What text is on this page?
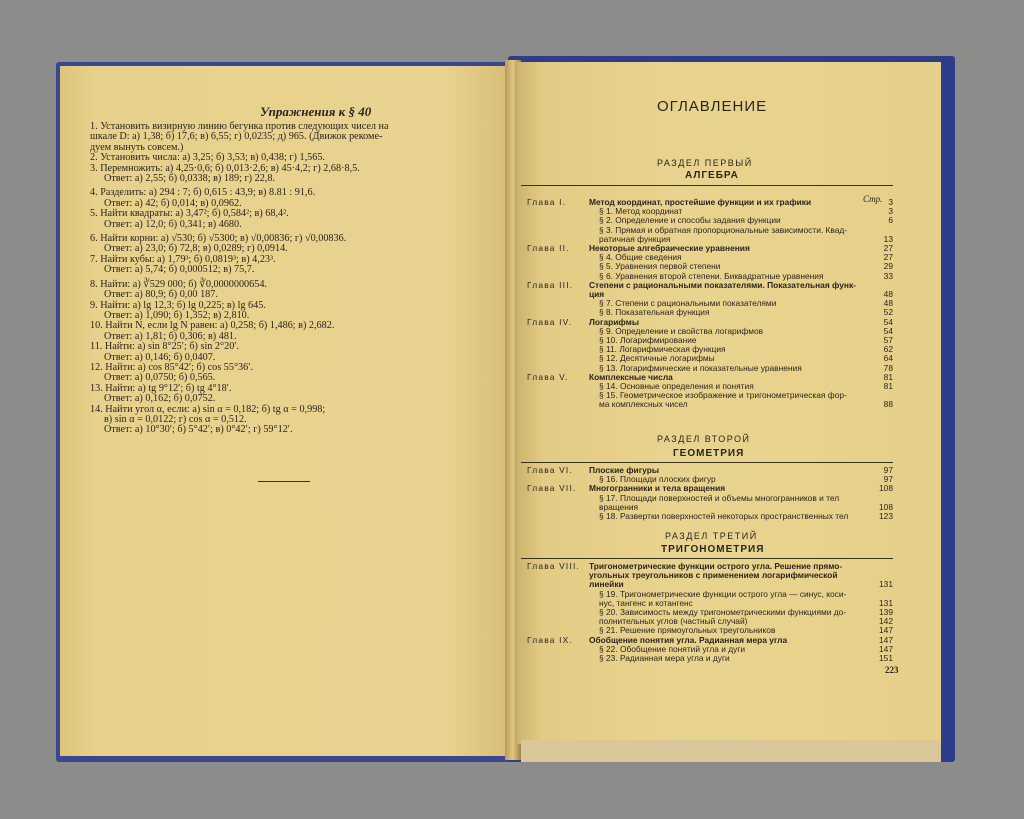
Упражнения к § 40
1. Установить визирную линию бегунка против следующих чисел на
шкале D: а) 1,38; б) 17,6; в) 6,55; г) 0,0235; д) 965. (Движок рекоме-
дуем вынуть совсем.)
2. Установить числа: а) 3,25; б) 3,53; в) 0,438; г) 1,565.
3. Перемножить: а) 4,25·0,6; б) 0,013·2,6; в) 45·4,2; г) 2,68·8,5.
Ответ: а) 2,55; б) 0,0338; в) 189; г) 22,8.
4. Разделить: а) 294 : 7; б) 0,615 : 43,9; в) 8.81 : 91,6.
Ответ: а) 42; б) 0,014; в) 0,0962.
5. Найти квадраты: а) 3,47²; б) 0,584²; в) 68,4².
Ответ: а) 12,0; б) 0,341; в) 4680.
6. Найти корни: а) √530; б) √5300; в) √0,00836; г) √0,00836.
Ответ: а) 23,0; б) 72,8; в) 0,0289; г) 0,0914.
7. Найти кубы: а) 1,79³; б) 0,0819³; в) 4,23³.
Ответ: а) 5,74; б) 0,000512; в) 75,7.
8. Найти: а) ∛529 000; б) ∛0,0000000654.
Ответ: а) 80,9; б) 0,00 187.
9. Найти: а) lg 12,3; б) lg 0,225; в) lg 645.
Ответ: а) 1,090; б) 1,352; в) 2,810.
10. Найти N, если lg N равен: а) 0,258; б) 1,486; в) 2,682.
Ответ: а) 1,81; б) 0,306; в) 481.
11. Найти: а) sin 8°25′; б) sin 2°20′.
Ответ: а) 0,146; б) 0,0407.
12. Найти: а) cos 85°42′; б) cos 55°36′.
Ответ: а) 0,0750; б) 0,565.
13. Найти: а) tg 9°12′; б) tg 4°18′.
Ответ: а) 0,162; б) 0,0752.
14. Найти угол α, если: а) sin α = 0,182; б) tg α = 0,998;
в) sin α = 0,0122; г) cos α = 0,512.
Ответ: а) 10°30′; б) 5°42′; в) 0°42′; г) 59°12′.
ОГЛАВЛЕНИЕ
РАЗДЕЛ ПЕРВЫЙ
АЛГЕБРА
Стр.
РАЗДЕЛ ВТОРОЙ
ГЕОМЕТРИЯ
РАЗДЕЛ ТРЕТИЙ
ТРИГОНОМЕТРИЯ
Глава I.	Метод координат, простейшие функции и их графики	3
§ 1. Метод координат	3
§ 2. Определение и способы задания функции	6
§ 3. Прямая и обратная пропорциональные зависимости. Квад-
ратичная функция	13
Глава II. Некоторые алгебраические уравнения	27
§ 4. Общие сведения	27
§ 5. Уравнения первой степени	29
§ 6. Уравнения второй степени. Биквадратные уравнения	33
Глава III. Степени с рациональными показателями. Показательная функ-
ция	48
§ 7. Степени с рациональными показателями	48
§ 8. Показательная функция	52
Глава IV. Логарифмы	54
§ 9. Определение и свойства логарифмов	54
§ 10. Логарифмирование	57
§ 11. Логарифмическая функция	62
§ 12. Десятичные логарифмы	64
§ 13. Логарифмические и показательные уравнения	78
Глава V. Комплексные числа	81
§ 14. Основные определения и понятия	81
§ 15. Геометрическое изображение и тригонометрическая фор-
ма комплексных чисел	88
Глава VI. Плоские фигуры	97
§ 16. Площади плоских фигур	97
Глава VII. Многогранники и тела вращения	108
§ 17. Площади поверхностей и объемы многогранников и тел
вращения	108
§ 18. Развертки поверхностей некоторых пространственных тел	123
Глава VIII. Тригонометрические функции острого угла. Решение прямо-
угольных треугольников с применением логарифмической
линейки	131
§ 19. Тригонометрические функции острого угла — синус, коси-
нус, тангенс и котангенс	131
§ 20. Зависимость между тригонометрическими функциями до-	139
полнительных углов (частный случай)	142
§ 21. Решение прямоугольных треугольников	147
Глава IX. Обобщение понятия угла. Радианная мера угла	147
§ 22. Обобщение понятий угла и дуги	147
§ 23. Радианная мера угла и дуги	151
223
